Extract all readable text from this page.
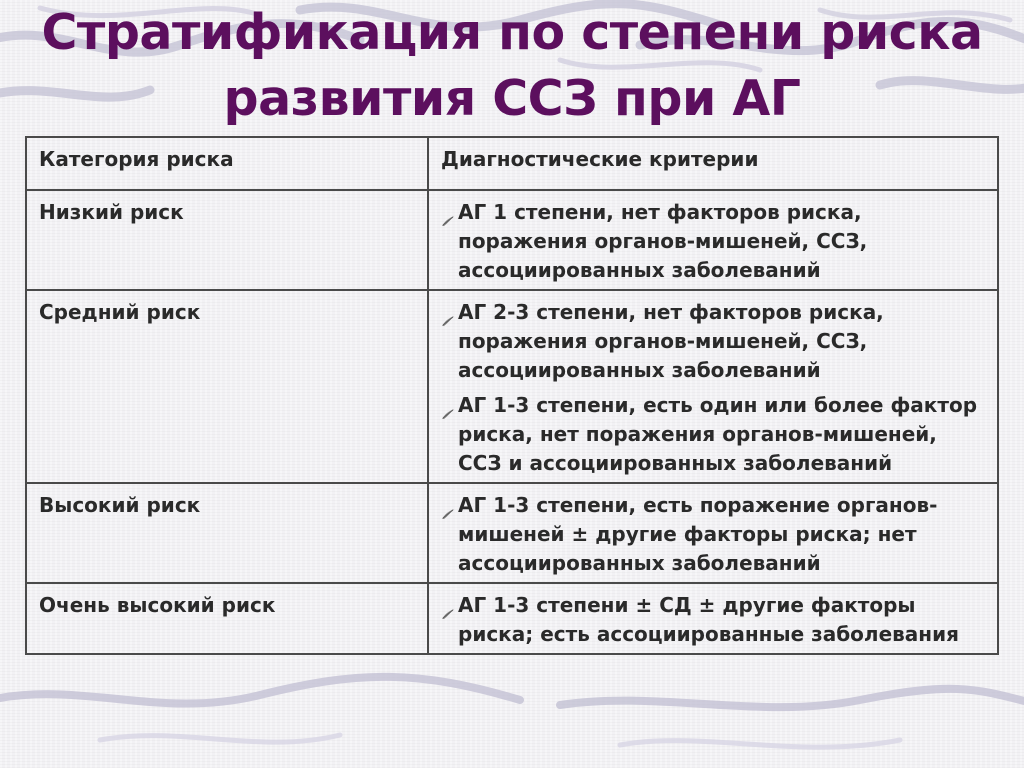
Стратификация по степени риска
развития ССЗ при АГ
Категория риска	Диагностические критерии
Низкий риск	АГ 1 степени, нет факторов риска, поражения органов-мишеней, ССЗ, ассоциированных заболеваний

Средний риск	АГ 2-3 степени, нет факторов риска, поражения органов-мишеней, ССЗ, ассоциированных заболеваний
АГ 1-3 степени, есть один или более фактор риска, нет поражения органов-мишеней, ССЗ и ассоциированных заболеваний

Высокий риск	АГ 1-3 степени, есть поражение органов-мишеней ± другие факторы риска; нет ассоциированных заболеваний

Очень высокий риск	АГ 1-3 степени ± СД ± другие факторы риска; есть ассоциированные заболевания
